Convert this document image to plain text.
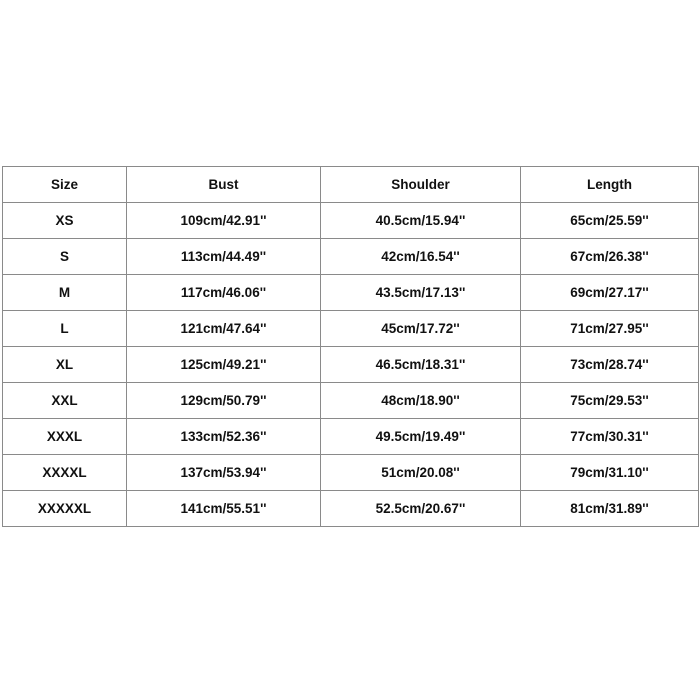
Size	Bust	Shoulder	Length
XS	109cm/42.91''	40.5cm/15.94''	65cm/25.59''
S	113cm/44.49''	42cm/16.54''	67cm/26.38''
M	117cm/46.06''	43.5cm/17.13''	69cm/27.17''
L	121cm/47.64''	45cm/17.72''	71cm/27.95''
XL	125cm/49.21''	46.5cm/18.31''	73cm/28.74''
XXL	129cm/50.79''	48cm/18.90''	75cm/29.53''
XXXL	133cm/52.36''	49.5cm/19.49''	77cm/30.31''
XXXXL	137cm/53.94''	51cm/20.08''	79cm/31.10''
XXXXXL	141cm/55.51''	52.5cm/20.67''	81cm/31.89''
